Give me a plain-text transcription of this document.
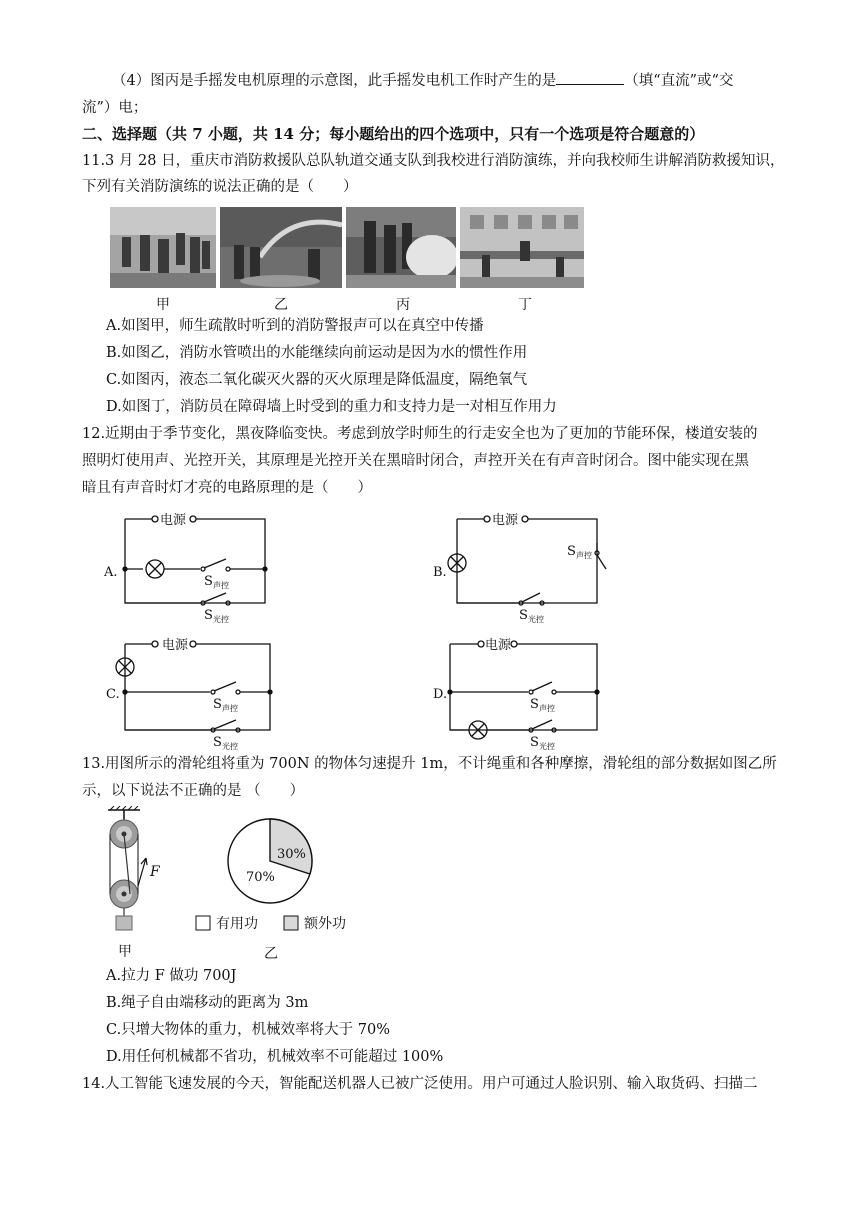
（4）图丙是手摇发电机原理的示意图，此手摇发电机工作时产生的是	（填“直流”或“交
流”）电；
二、选择题（共 7 小题，共 14 分；每小题给出的四个选项中，只有一个选项是符合题意的）
11.3 月 28 日，重庆市消防救援队总队轨道交通支队到我校进行消防演练，并向我校师生讲解消防救援知识，
下列有关消防演练的说法正确的是（　　）
甲	乙	丙	丁
A.如图甲，师生疏散时听到的消防警报声可以在真空中传播
B.如图乙，消防水管喷出的水能继续向前运动是因为水的惯性作用
C.如图丙，液态二氧化碳灭火器的灭火原理是降低温度，隔绝氧气
D.如图丁，消防员在障碍墙上时受到的重力和支持力是一对相互作用力
12.近期由于季节变化，黑夜降临变快。考虑到放学时师生的行走安全也为了更加的节能环保，楼道安装的
照明灯使用声、光控开关，其原理是光控开关在黑暗时闭合，声控开关在有声音时闭合。图中能实现在黑
暗且有声音时灯才亮的电路原理的是（　　）
电源	电源
电源	电源
A.	B.
C.	D.
S
S
S
S
S
S
S
S
声控
光控
声控
光控
声控
光控
声控
光控
13.用图所示的滑轮组将重为 700N 的物体匀速提升 1m，不计绳重和各种摩擦，滑轮组的部分数据如图乙所
示，以下说法不正确的是 （　　）
F
甲
30%
70%
有用功	额外功
乙
A.拉力 F 做功 700J
B.绳子自由端移动的距离为 3m
C.只增大物体的重力，机械效率将大于 70%
D.用任何机械都不省功，机械效率不可能超过 100%
14.人工智能飞速发展的今天，智能配送机器人已被广泛使用。用户可通过人脸识别、输入取货码、扫描二
